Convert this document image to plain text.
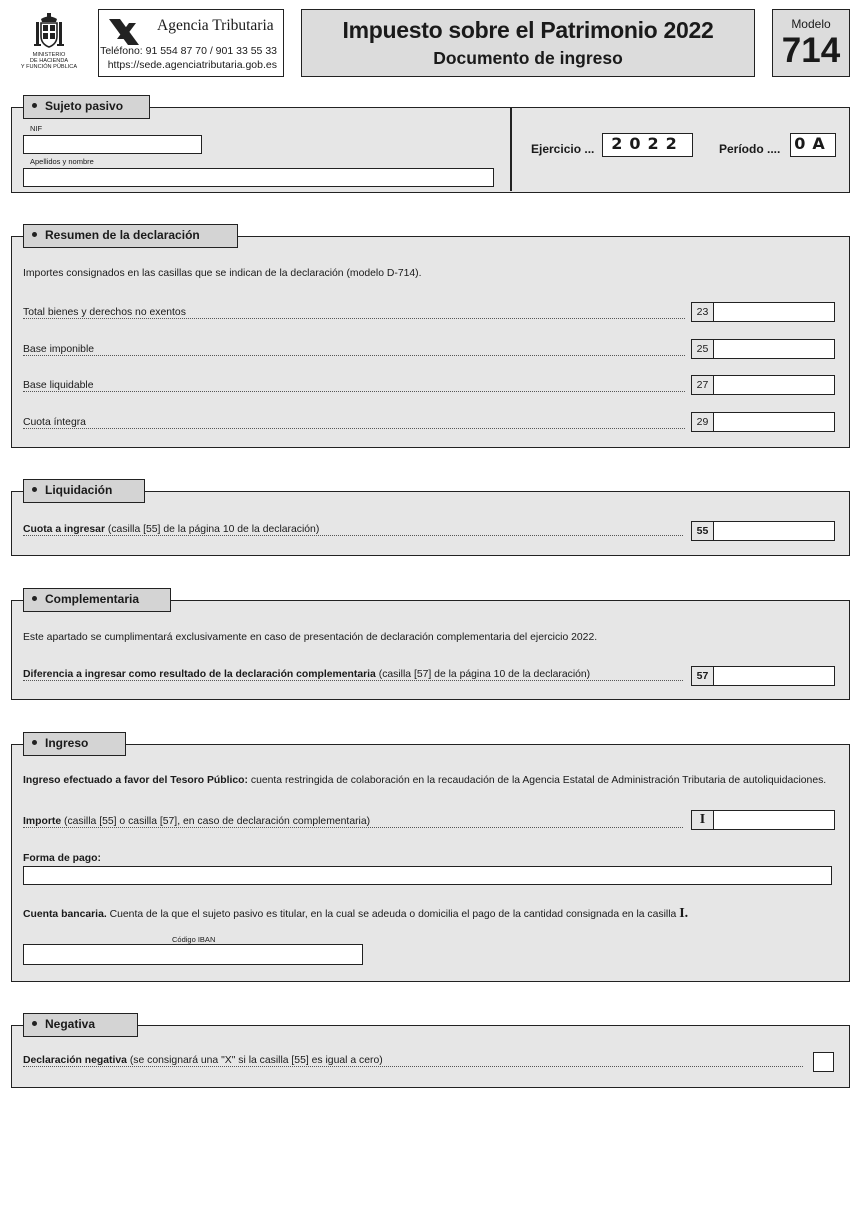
MINISTERIO
DE HACIENDA
Y FUNCIÓN PÚBLICA
Agencia Tributaria
Teléfono: 91 554 87 70 / 901 33 55 33
https://sede.agenciatributaria.gob.es
Impuesto sobre el Patrimonio 2022
Documento de ingreso
Modelo
714
NIF
Apellidos y nombre
Ejercicio ...	2022	Período .... 0A
Sujeto pasivo
Importes consignados en las casillas que se indican de la declaración (modelo D-714).
Total bienes y derechos no exentos	23
Base imponible	25
Base liquidable	27
Cuota íntegra	29
Resumen de la declaración
Cuota a ingresar (casilla [55] de la página 10 de la declaración)	55
Liquidación
Este apartado se cumplimentará exclusivamente en caso de presentación de declaración complementaria del ejercicio 2022.
Diferencia a ingresar como resultado de la declaración complementaria (casilla [57] de la página 10 de la declaración)	57
Complementaria
Ingreso efectuado a favor del Tesoro Público: cuenta restringida de colaboración en la recaudación de la Agencia Estatal de Administración Tributaria de autoliquidaciones.
Importe (casilla [55] o casilla [57], en caso de declaración complementaria)	I
Forma de pago:
Cuenta bancaria. Cuenta de la que el sujeto pasivo es titular, en la cual se adeuda o domicilia el pago de la cantidad consignada en la casilla I.
Código IBAN
Ingreso
Declaración negativa (se consignará una "X" si la casilla [55] es igual a cero)
Negativa
